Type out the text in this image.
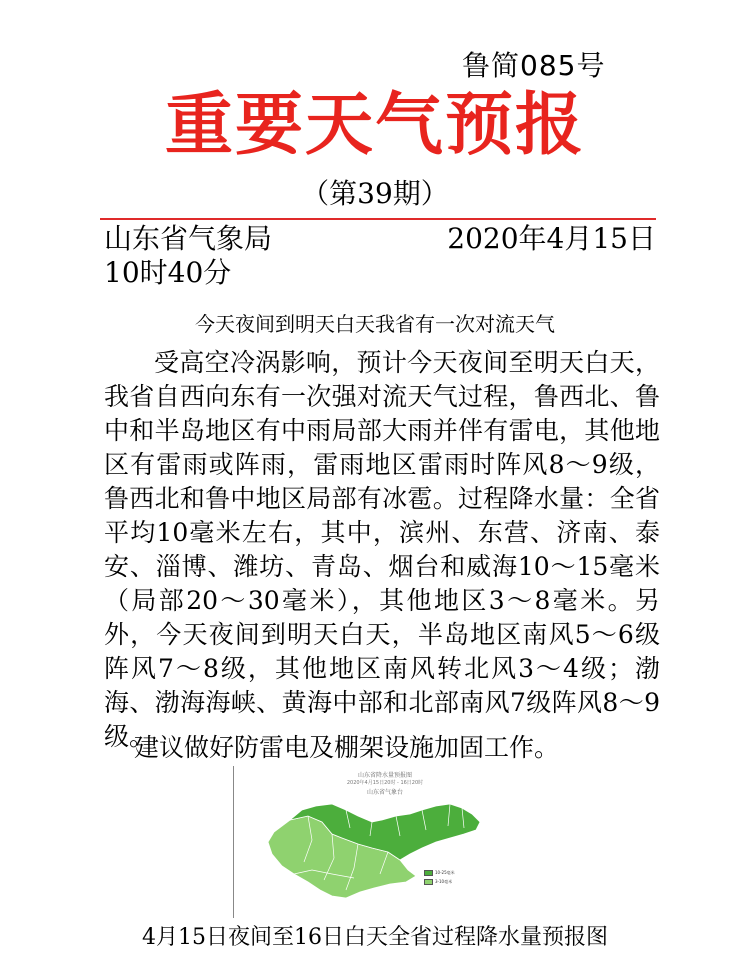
鲁简085号
重要天气预报
（第39期）
山东省气象局	2020年4月15日
10时40分
今天夜间到明天白天我省有一次对流天气

受高空冷涡影响，预计今天夜间至明天白天，我省自西向东有一次强对流天气过程，鲁西北、鲁中和半岛地区有中雨局部大雨并伴有雷电，其他地区有雷雨或阵雨，雷雨地区雷雨时阵风8～9级，鲁西北和鲁中地区局部有冰雹。过程降水量：全省平均10毫米左右，其中，滨州、东营、济南、泰安、淄博、潍坊、青岛、烟台和威海10～15毫米（局部20～30毫米），其他地区3～8毫米。另外，今天夜间到明天白天，半岛地区南风5～6级阵风7～8级，其他地区南风转北风3～4级；渤海、渤海海峡、黄海中部和北部南风7级阵风8～9级。

建议做好防雷电及棚架设施加固工作。

山东省降水量预报图
2020年4月15日20时 - 16日20时
山东省气象台
10-25毫米
3-10毫米
4月15日夜间至16日白天全省过程降水量预报图
